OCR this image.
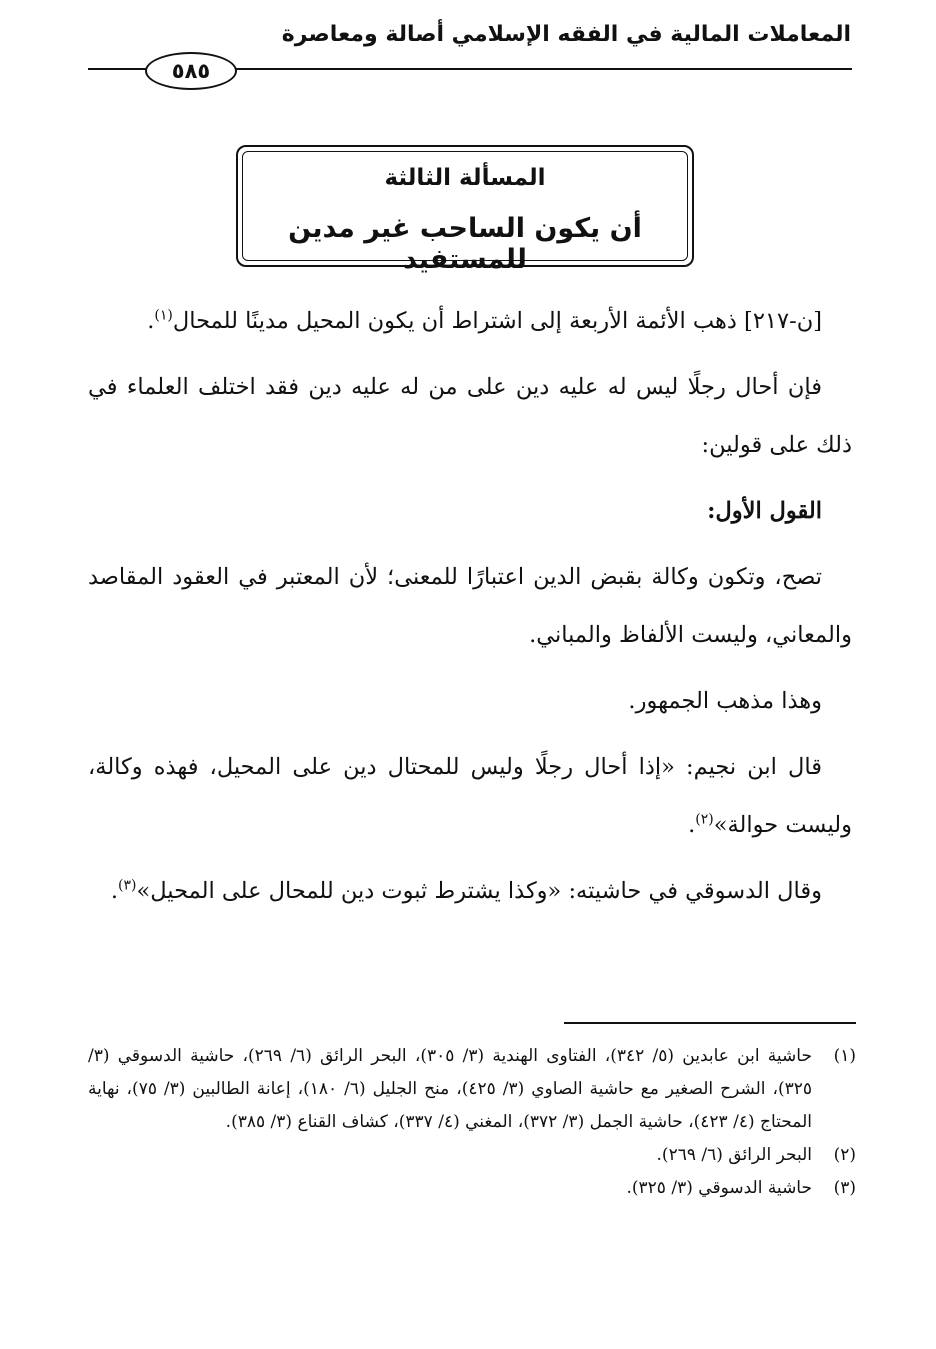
المعاملات المالية في الفقه الإسلامي أصالة ومعاصرة
٥٨٥
المسألة الثالثة
أن يكون الساحب غير مدين للمستفيد

[ن-٢١٧] ذهب الأئمة الأربعة إلى اشتراط أن يكون المحيل مدينًا للمحال$^{(١)}$.

فإن أحال رجلًا ليس له عليه دين على من له عليه دين فقد اختلف العلماء في ذلك على قولين:

القول الأول:

تصح، وتكون وكالة بقبض الدين اعتبارًا للمعنى؛ لأن المعتبر في العقود المقاصد والمعاني، وليست الألفاظ والمباني.

وهذا مذهب الجمهور.

قال ابن نجيم: «إذا أحال رجلًا وليس للمحتال دين على المحيل، فهذه وكالة، وليست حوالة»$^{(٢)}$.

وقال الدسوقي في حاشيته: «وكذا يشترط ثبوت دين للمحال على المحيل»$^{(٣)}$.

(١)
حاشية ابن عابدين (٥/ ٣٤٢)، الفتاوى الهندية (٣/ ٣٠٥)، البحر الرائق (٦/ ٢٦٩)، حاشية الدسوقي (٣/ ٣٢٥)، الشرح الصغير مع حاشية الصاوي (٣/ ٤٢٥)، منح الجليل (٦/ ١٨٠)، إعانة الطالبين (٣/ ٧٥)، نهاية المحتاج (٤/ ٤٢٣)، حاشية الجمل (٣/ ٣٧٢)، المغني (٤/ ٣٣٧)، كشاف القناع (٣/ ٣٨٥).
(٢)
البحر الرائق (٦/ ٢٦٩).
(٣)
حاشية الدسوقي (٣/ ٣٢٥).
